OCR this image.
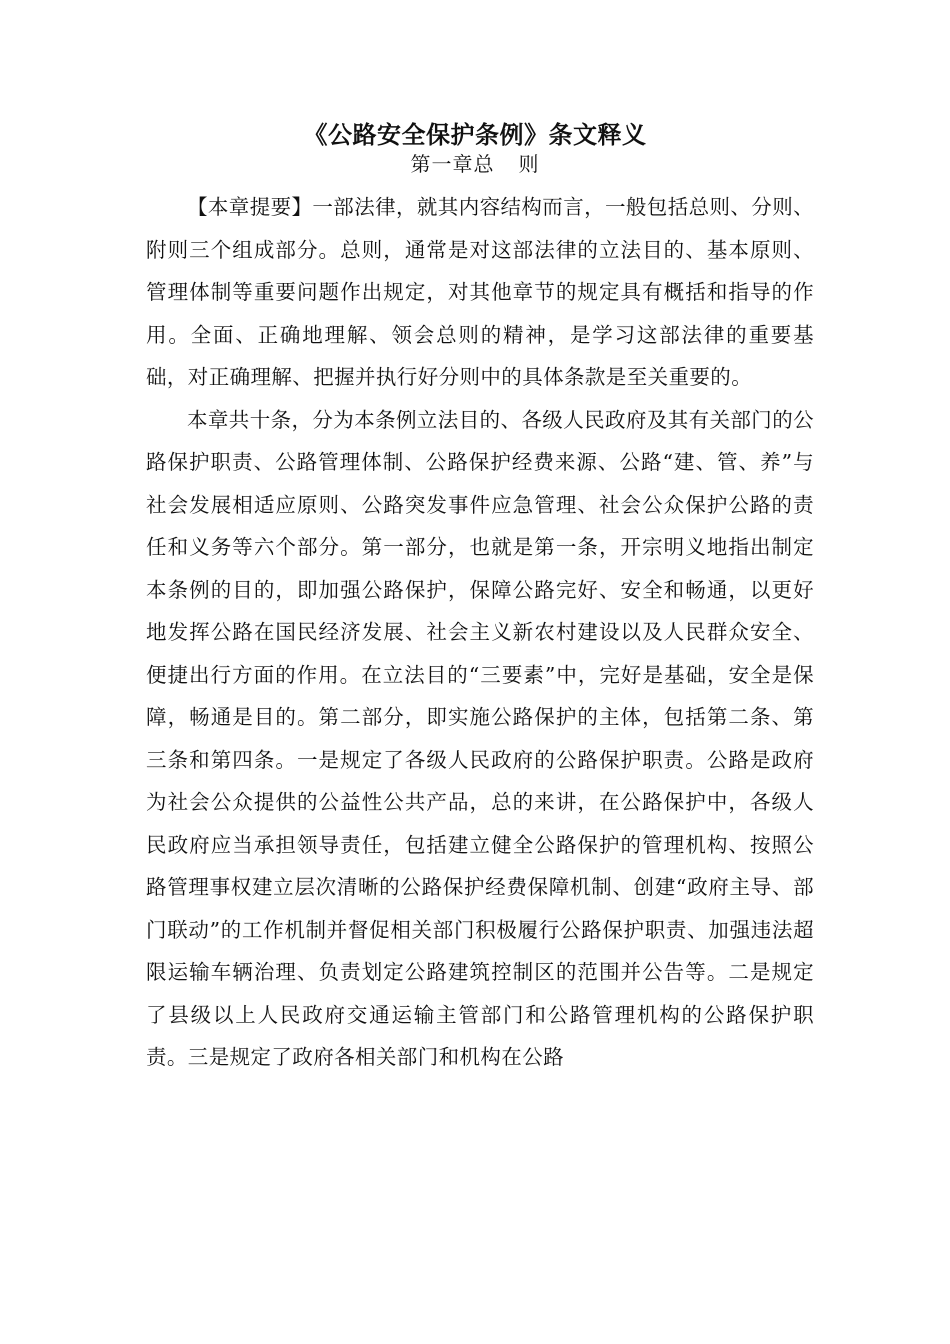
《公路安全保护条例》条文释义
第一章总 则

【本章提要】一部法律，就其内容结构而言，一般包括总则、分则、附则三个组成部分。总则，通常是对这部法律的立法目的、基本原则、管理体制等重要问题作出规定，对其他章节的规定具有概括和指导的作用。全面、正确地理解、领会总则的精神，是学习这部法律的重要基础，对正确理解、把握并执行好分则中的具体条款是至关重要的。

本章共十条，分为本条例立法目的、各级人民政府及其有关部门的公路保护职责、公路管理体制、公路保护经费来源、公路“建、管、养”与社会发展相适应原则、公路突发事件应急管理、社会公众保护公路的责任和义务等六个部分。第一部分，也就是第一条，开宗明义地指出制定本条例的目的，即加强公路保护，保障公路完好、安全和畅通，以更好地发挥公路在国民经济发展、社会主义新农村建设以及人民群众安全、便捷出行方面的作用。在立法目的“三要素”中，完好是基础，安全是保障，畅通是目的。第二部分，即实施公路保护的主体，包括第二条、第三条和第四条。一是规定了各级人民政府的公路保护职责。公路是政府为社会公众提供的公益性公共产品，总的来讲，在公路保护中，各级人民政府应当承担领导责任，包括建立健全公路保护的管理机构、按照公路管理事权建立层次清晰的公路保护经费保障机制、创建“政府主导、部门联动”的工作机制并督促相关部门积极履行公路保护职责、加强违法超限运输车辆治理、负责划定公路建筑控制区的范围并公告等。二是规定了县级以上人民政府交通运输主管部门和公路管理机构的公路保护职责。三是规定了政府各相关部门和机构在公路
